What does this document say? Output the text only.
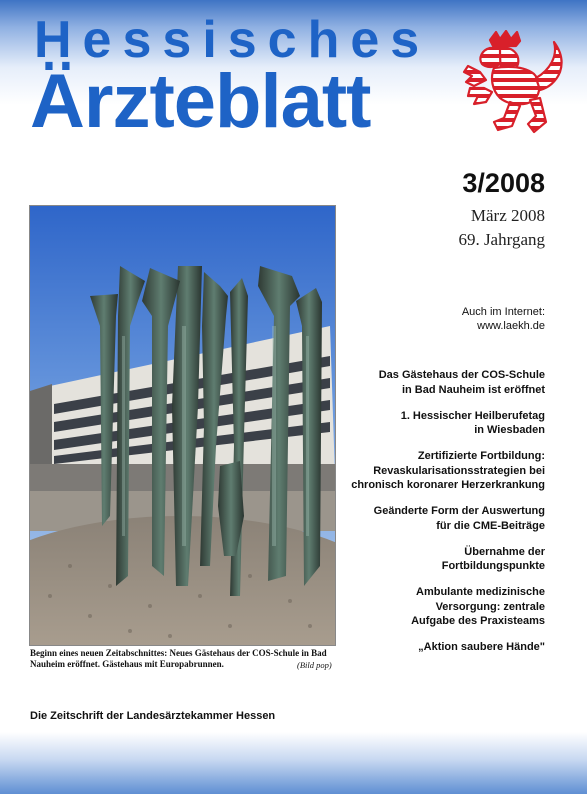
Hessisches
Ärzteblatt
3/2008
März 2008
69. Jahrgang
Auch im Internet:
www.laekh.de
Das Gästehaus der COS-Schule
in Bad Nauheim ist eröffnet
1. Hessischer Heilberufetag
in Wiesbaden
Zertifizierte Fortbildung:
Revaskularisationsstrategien bei
chronisch koronarer Herzerkrankung
Geänderte Form der Auswertung
für die CME-Beiträge
Übernahme der
Fortbildungspunkte
Ambulante medizinische
Versorgung: zentrale
Aufgabe des Praxisteams
„Aktion saubere Hände"
Beginn eines neuen Zeitabschnittes: Neues Gästehaus der COS-Schule in Bad Nauheim eröffnet. Gästehaus mit Europabrunnen.	(Bild pop)
Die Zeitschrift der Landesärztekammer Hessen
